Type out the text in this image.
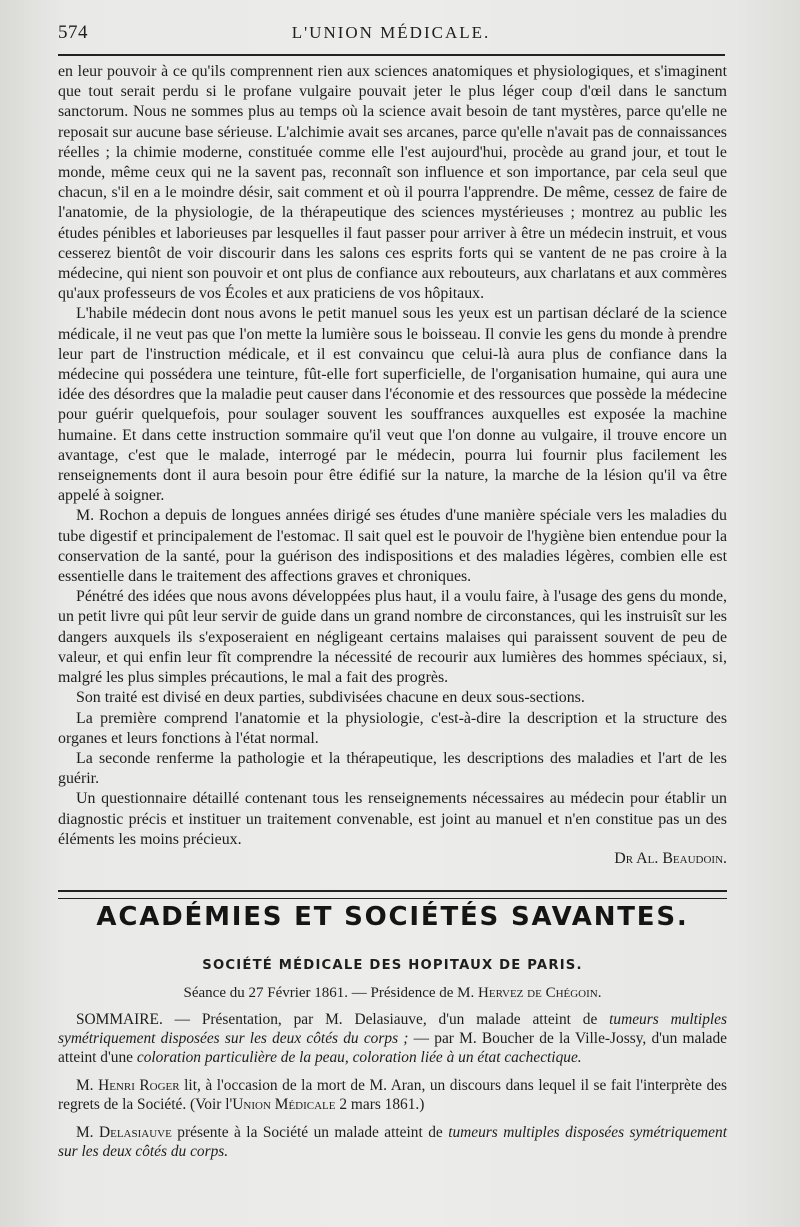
574	L'UNION MÉDICALE.

en leur pouvoir à ce qu'ils comprennent rien aux sciences anatomiques et physiologiques, et s'imaginent que tout serait perdu si le profane vulgaire pouvait jeter le plus léger coup d'œil dans le sanctum sanctorum. Nous ne sommes plus au temps où la science avait besoin de tant mystères, parce qu'elle ne reposait sur aucune base sérieuse. L'alchimie avait ses arcanes, parce qu'elle n'avait pas de connaissances réelles ; la chimie moderne, constituée comme elle l'est aujourd'hui, procède au grand jour, et tout le monde, même ceux qui ne la savent pas, reconnaît son influence et son importance, par cela seul que chacun, s'il en a le moindre désir, sait comment et où il pourra l'apprendre. De même, cessez de faire de l'anatomie, de la physiologie, de la thérapeutique des sciences mystérieuses ; montrez au public les études pénibles et laborieuses par lesquelles il faut passer pour arriver à être un médecin instruit, et vous cesserez bientôt de voir discourir dans les salons ces esprits forts qui se vantent de ne pas croire à la médecine, qui nient son pouvoir et ont plus de confiance aux rebouteurs, aux charlatans et aux commères qu'aux professeurs de vos Écoles et aux praticiens de vos hôpitaux.

L'habile médecin dont nous avons le petit manuel sous les yeux est un partisan déclaré de la science médicale, il ne veut pas que l'on mette la lumière sous le boisseau. Il convie les gens du monde à prendre leur part de l'instruction médicale, et il est convaincu que celui-là aura plus de confiance dans la médecine qui possédera une teinture, fût-elle fort superficielle, de l'organisation humaine, qui aura une idée des désordres que la maladie peut causer dans l'économie et des ressources que possède la médecine pour guérir quelquefois, pour soulager souvent les souffrances auxquelles est exposée la machine humaine. Et dans cette instruction sommaire qu'il veut que l'on donne au vulgaire, il trouve encore un avantage, c'est que le malade, interrogé par le médecin, pourra lui fournir plus facilement les renseignements dont il aura besoin pour être édifié sur la nature, la marche de la lésion qu'il va être appelé à soigner.

M. Rochon a depuis de longues années dirigé ses études d'une manière spéciale vers les maladies du tube digestif et principalement de l'estomac. Il sait quel est le pouvoir de l'hygiène bien entendue pour la conservation de la santé, pour la guérison des indispositions et des maladies légères, combien elle est essentielle dans le traitement des affections graves et chroniques.

Pénétré des idées que nous avons développées plus haut, il a voulu faire, à l'usage des gens du monde, un petit livre qui pût leur servir de guide dans un grand nombre de circonstances, qui les instruisît sur les dangers auxquels ils s'exposeraient en négligeant certains malaises qui paraissent souvent de peu de valeur, et qui enfin leur fît comprendre la nécessité de recourir aux lumières des hommes spéciaux, si, malgré les plus simples précautions, le mal a fait des progrès.

Son traité est divisé en deux parties, subdivisées chacune en deux sous-sections.

La première comprend l'anatomie et la physiologie, c'est-à-dire la description et la structure des organes et leurs fonctions à l'état normal.

La seconde renferme la pathologie et la thérapeutique, les descriptions des maladies et l'art de les guérir.

Un questionnaire détaillé contenant tous les renseignements nécessaires au médecin pour établir un diagnostic précis et instituer un traitement convenable, est joint au manuel et n'en constitue pas un des éléments les moins précieux.

Dr Al. Beaudoin.
ACADÉMIES ET SOCIÉTÉS SAVANTES.
SOCIÉTÉ MÉDICALE DES HOPITAUX DE PARIS.
Séance du 27 Février 1861. — Présidence de M. Hervez de Chégoin.

SOMMAIRE. — Présentation, par M. Delasiauve, d'un malade atteint de tumeurs multiples symétriquement disposées sur les deux côtés du corps ; — par M. Boucher de la Ville-Jossy, d'un malade atteint d'une coloration particulière de la peau, coloration liée à un état cachectique.

M. Henri Roger lit, à l'occasion de la mort de M. Aran, un discours dans lequel il se fait l'interprète des regrets de la Société. (Voir l'Union Médicale 2 mars 1861.)

M. Delasiauve présente à la Société un malade atteint de tumeurs multiples disposées symétriquement sur les deux côtés du corps.
